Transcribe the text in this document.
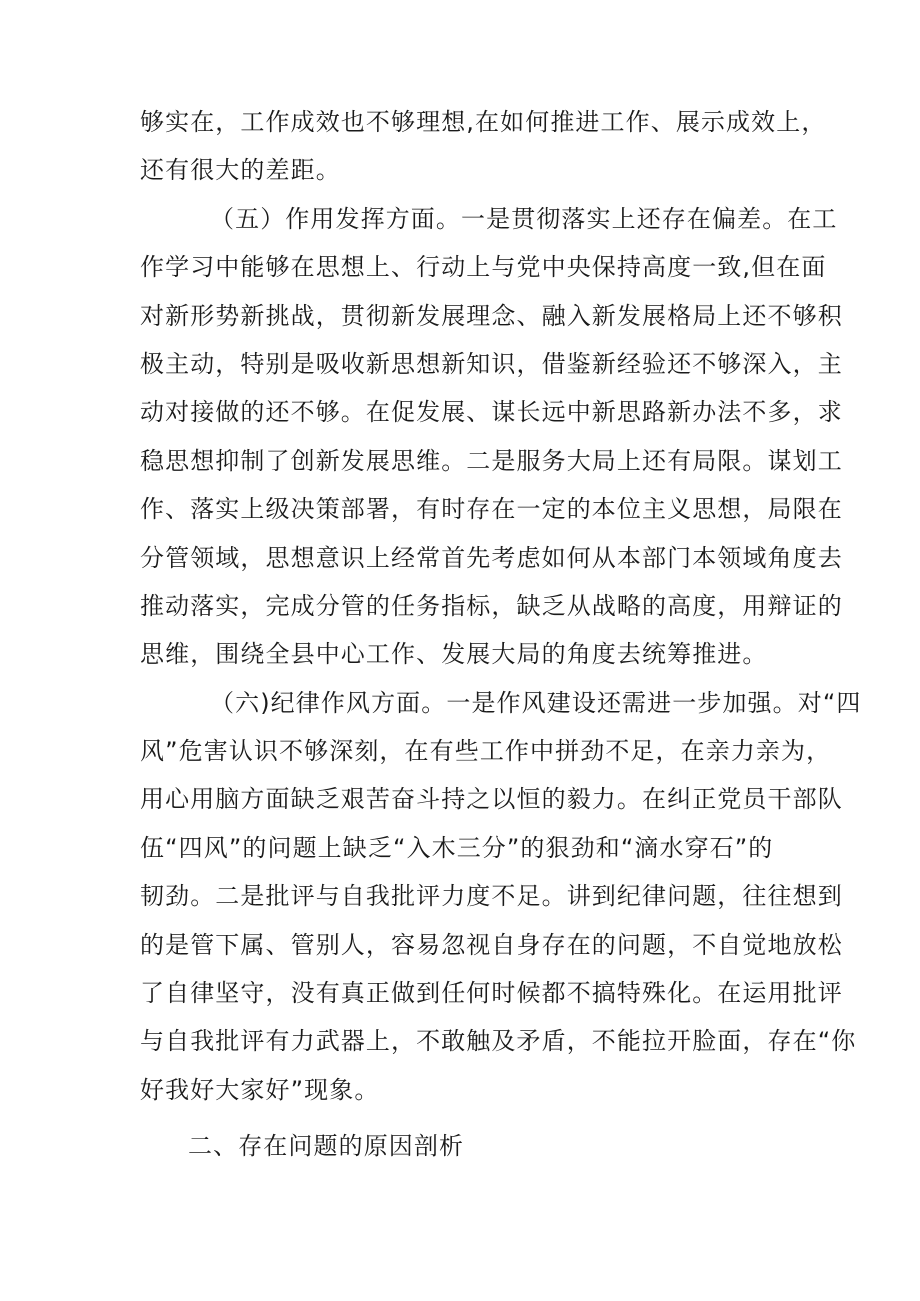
够实在，工作成效也不够理想,在如何推进工作、展示成效上，
还有很大的差距。
（五）作用发挥方面。一是贯彻落实上还存在偏差。在工
作学习中能够在思想上、行动上与党中央保持高度一致,但在面
对新形势新挑战，贯彻新发展理念、融入新发展格局上还不够积
极主动，特别是吸收新思想新知识，借鉴新经验还不够深入，主
动对接做的还不够。在促发展、谋长远中新思路新办法不多，求
稳思想抑制了创新发展思维。二是服务大局上还有局限。谋划工
作、落实上级决策部署，有时存在一定的本位主义思想，局限在
分管领域，思想意识上经常首先考虑如何从本部门本领域角度去
推动落实，完成分管的任务指标，缺乏从战略的高度，用辩证的
思维，围绕全县中心工作、发展大局的角度去统筹推进。
（六)纪律作风方面。一是作风建设还需进一步加强。对“四
风”危害认识不够深刻，在有些工作中拼劲不足，在亲力亲为，
用心用脑方面缺乏艰苦奋斗持之以恒的毅力。在纠正党员干部队
伍“四风”的问题上缺乏“入木三分”的狠劲和“滴水穿石”的
韧劲。二是批评与自我批评力度不足。讲到纪律问题，往往想到
的是管下属、管别人，容易忽视自身存在的问题，不自觉地放松
了自律坚守，没有真正做到任何时候都不搞特殊化。在运用批评
与自我批评有力武器上，不敢触及矛盾，不能拉开脸面，存在“你
好我好大家好”现象。
二、存在问题的原因剖析
